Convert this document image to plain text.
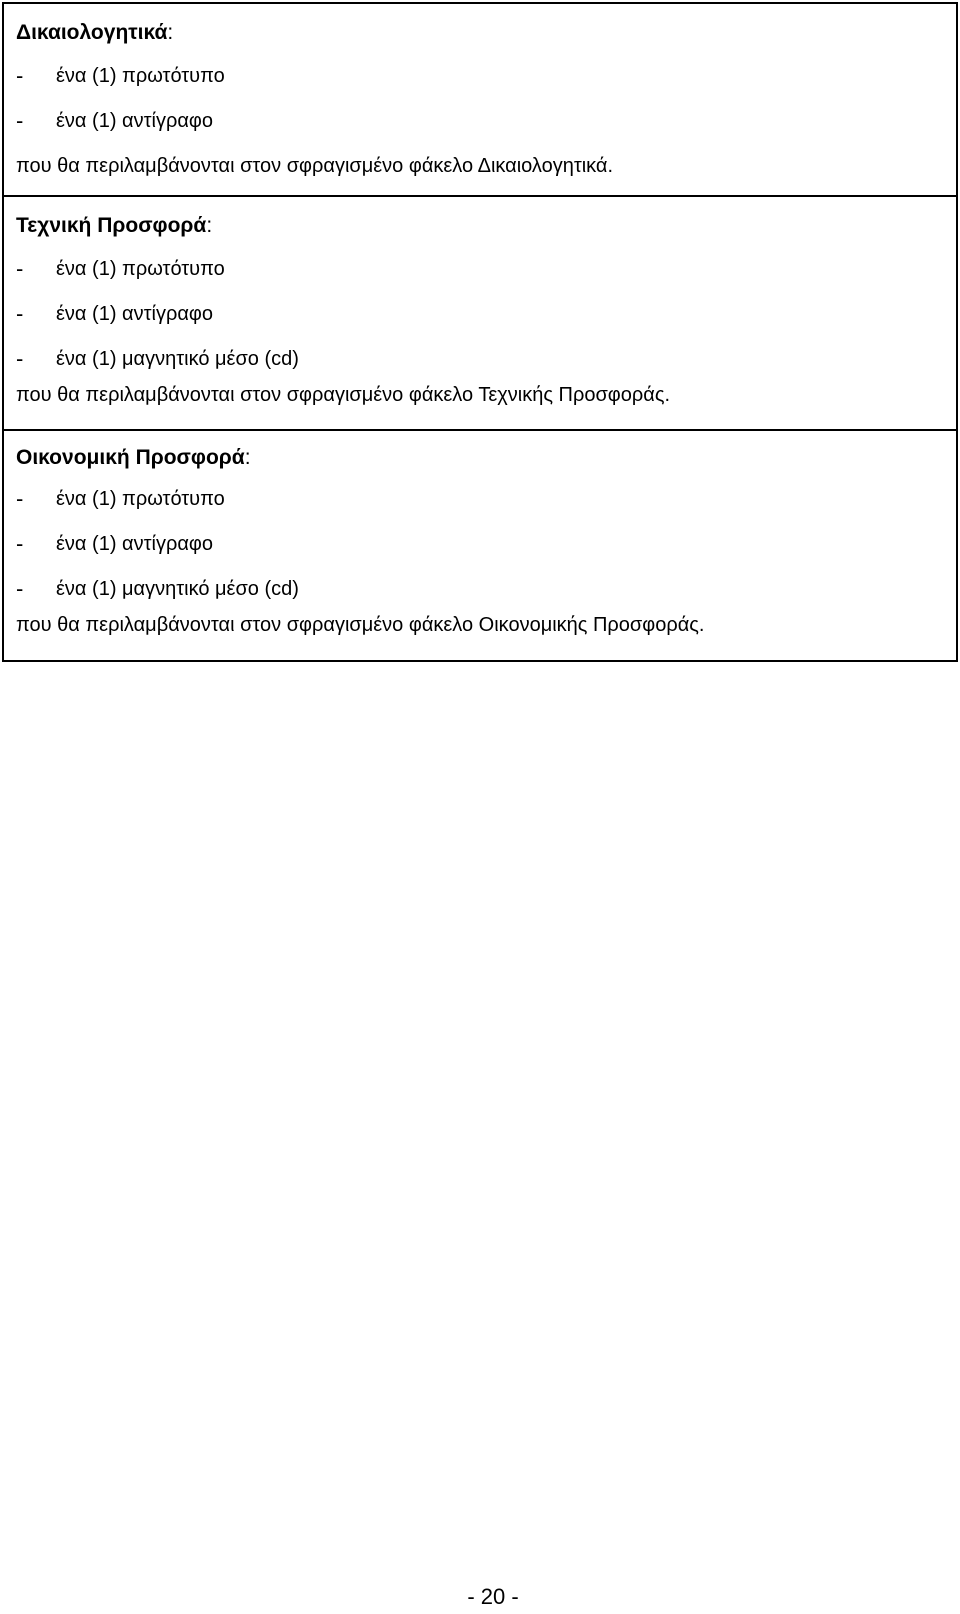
Δικαιολογητικά:
-	ένα (1) πρωτότυπο
-	ένα (1) αντίγραφο
που θα περιλαμβάνονται στον σφραγισμένο φάκελο Δικαιολογητικά.
Τεχνική Προσφορά:
-	ένα (1) πρωτότυπο
-	ένα (1) αντίγραφο
-	ένα (1) μαγνητικό μέσο (cd)
που θα περιλαμβάνονται στον σφραγισμένο φάκελο Τεχνικής Προσφοράς.
Οικονομική Προσφορά:
-	ένα (1) πρωτότυπο
-	ένα (1) αντίγραφο
-	ένα (1) μαγνητικό μέσο (cd)
που θα περιλαμβάνονται στον σφραγισμένο φάκελο Οικονομικής Προσφοράς.
- 20 -
